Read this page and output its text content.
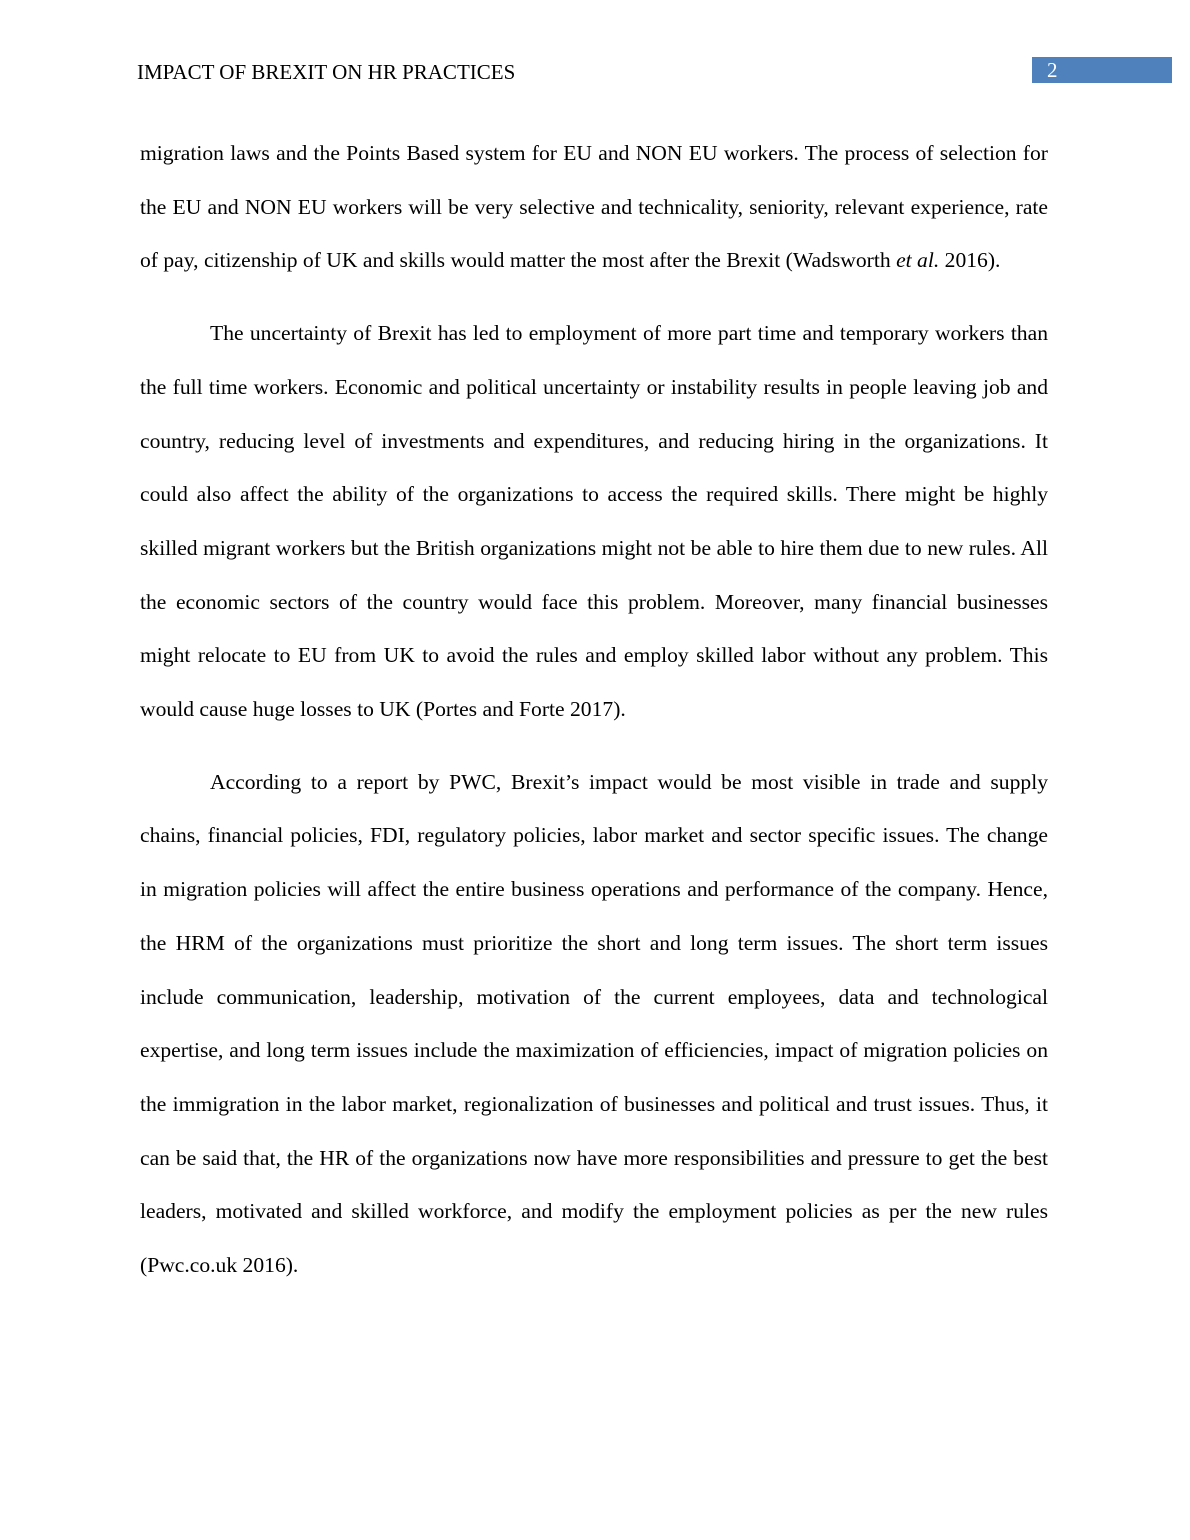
IMPACT OF BREXIT ON HR PRACTICES	2

migration laws and the Points Based system for EU and NON EU workers. The process of selection for the EU and NON EU workers will be very selective and technicality, seniority, relevant experience, rate of pay, citizenship of UK and skills would matter the most after the Brexit (Wadsworth et al. 2016).

The uncertainty of Brexit has led to employment of more part time and temporary workers than the full time workers. Economic and political uncertainty or instability results in people leaving job and country, reducing level of investments and expenditures, and reducing hiring in the organizations. It could also affect the ability of the organizations to access the required skills. There might be highly skilled migrant workers but the British organizations might not be able to hire them due to new rules. All the economic sectors of the country would face this problem. Moreover, many financial businesses might relocate to EU from UK to avoid the rules and employ skilled labor without any problem. This would cause huge losses to UK (Portes and Forte 2017).

According to a report by PWC, Brexit’s impact would be most visible in trade and supply chains, financial policies, FDI, regulatory policies, labor market and sector specific issues. The change in migration policies will affect the entire business operations and performance of the company. Hence, the HRM of the organizations must prioritize the short and long term issues. The short term issues include communication, leadership, motivation of the current employees, data and technological expertise, and long term issues include the maximization of efficiencies, impact of migration policies on the immigration in the labor market, regionalization of businesses and political and trust issues. Thus, it can be said that, the HR of the organizations now have more responsibilities and pressure to get the best leaders, motivated and skilled workforce, and modify the employment policies as per the new rules (Pwc.co.uk 2016).
